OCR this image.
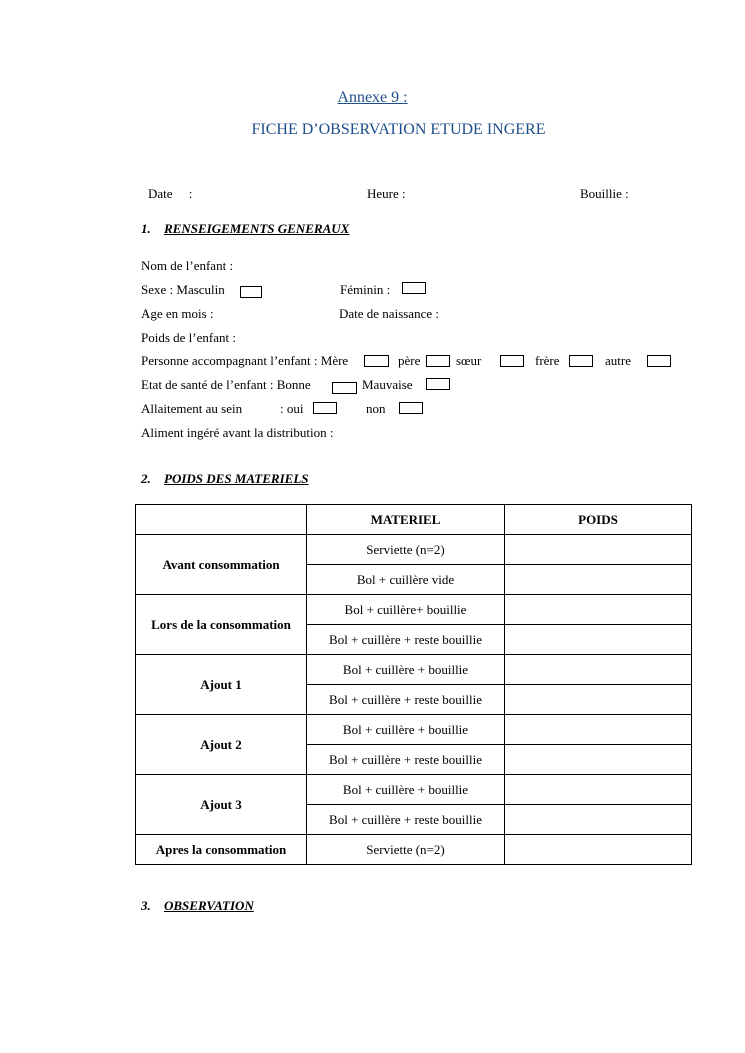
Annexe 9 :
FICHE D’OBSERVATION ETUDE INGERE
Date     :	Heure :	Bouillie :
1. RENSEIGEMENTS GENERAUX
Nom de l’enfant :
Sexe : Masculin	Féminin :
Age en mois :	Date de naissance :
Poids de l’enfant :
Personne accompagnant l’enfant : Mère	père	sœur	frère	autre
Etat de santé de l’enfant : Bonne	Mauvaise
Allaitement au sein	: oui	non
Aliment ingéré avant la distribution :
2. POIDS DES MATERIELS
	MATERIEL	POIDS
Avant consommation	Serviette (n=2)	
	Bol + cuillère vide	
Lors de la consommation	Bol + cuillère+ bouillie	
	Bol + cuillère + reste bouillie	
Ajout 1	Bol + cuillère + bouillie	
	Bol + cuillère + reste bouillie	
Ajout 2	Bol + cuillère + bouillie	
	Bol + cuillère + reste bouillie	
Ajout 3	Bol + cuillère + bouillie	
	Bol + cuillère + reste bouillie	
Apres la consommation	Serviette (n=2)	
3. OBSERVATION
